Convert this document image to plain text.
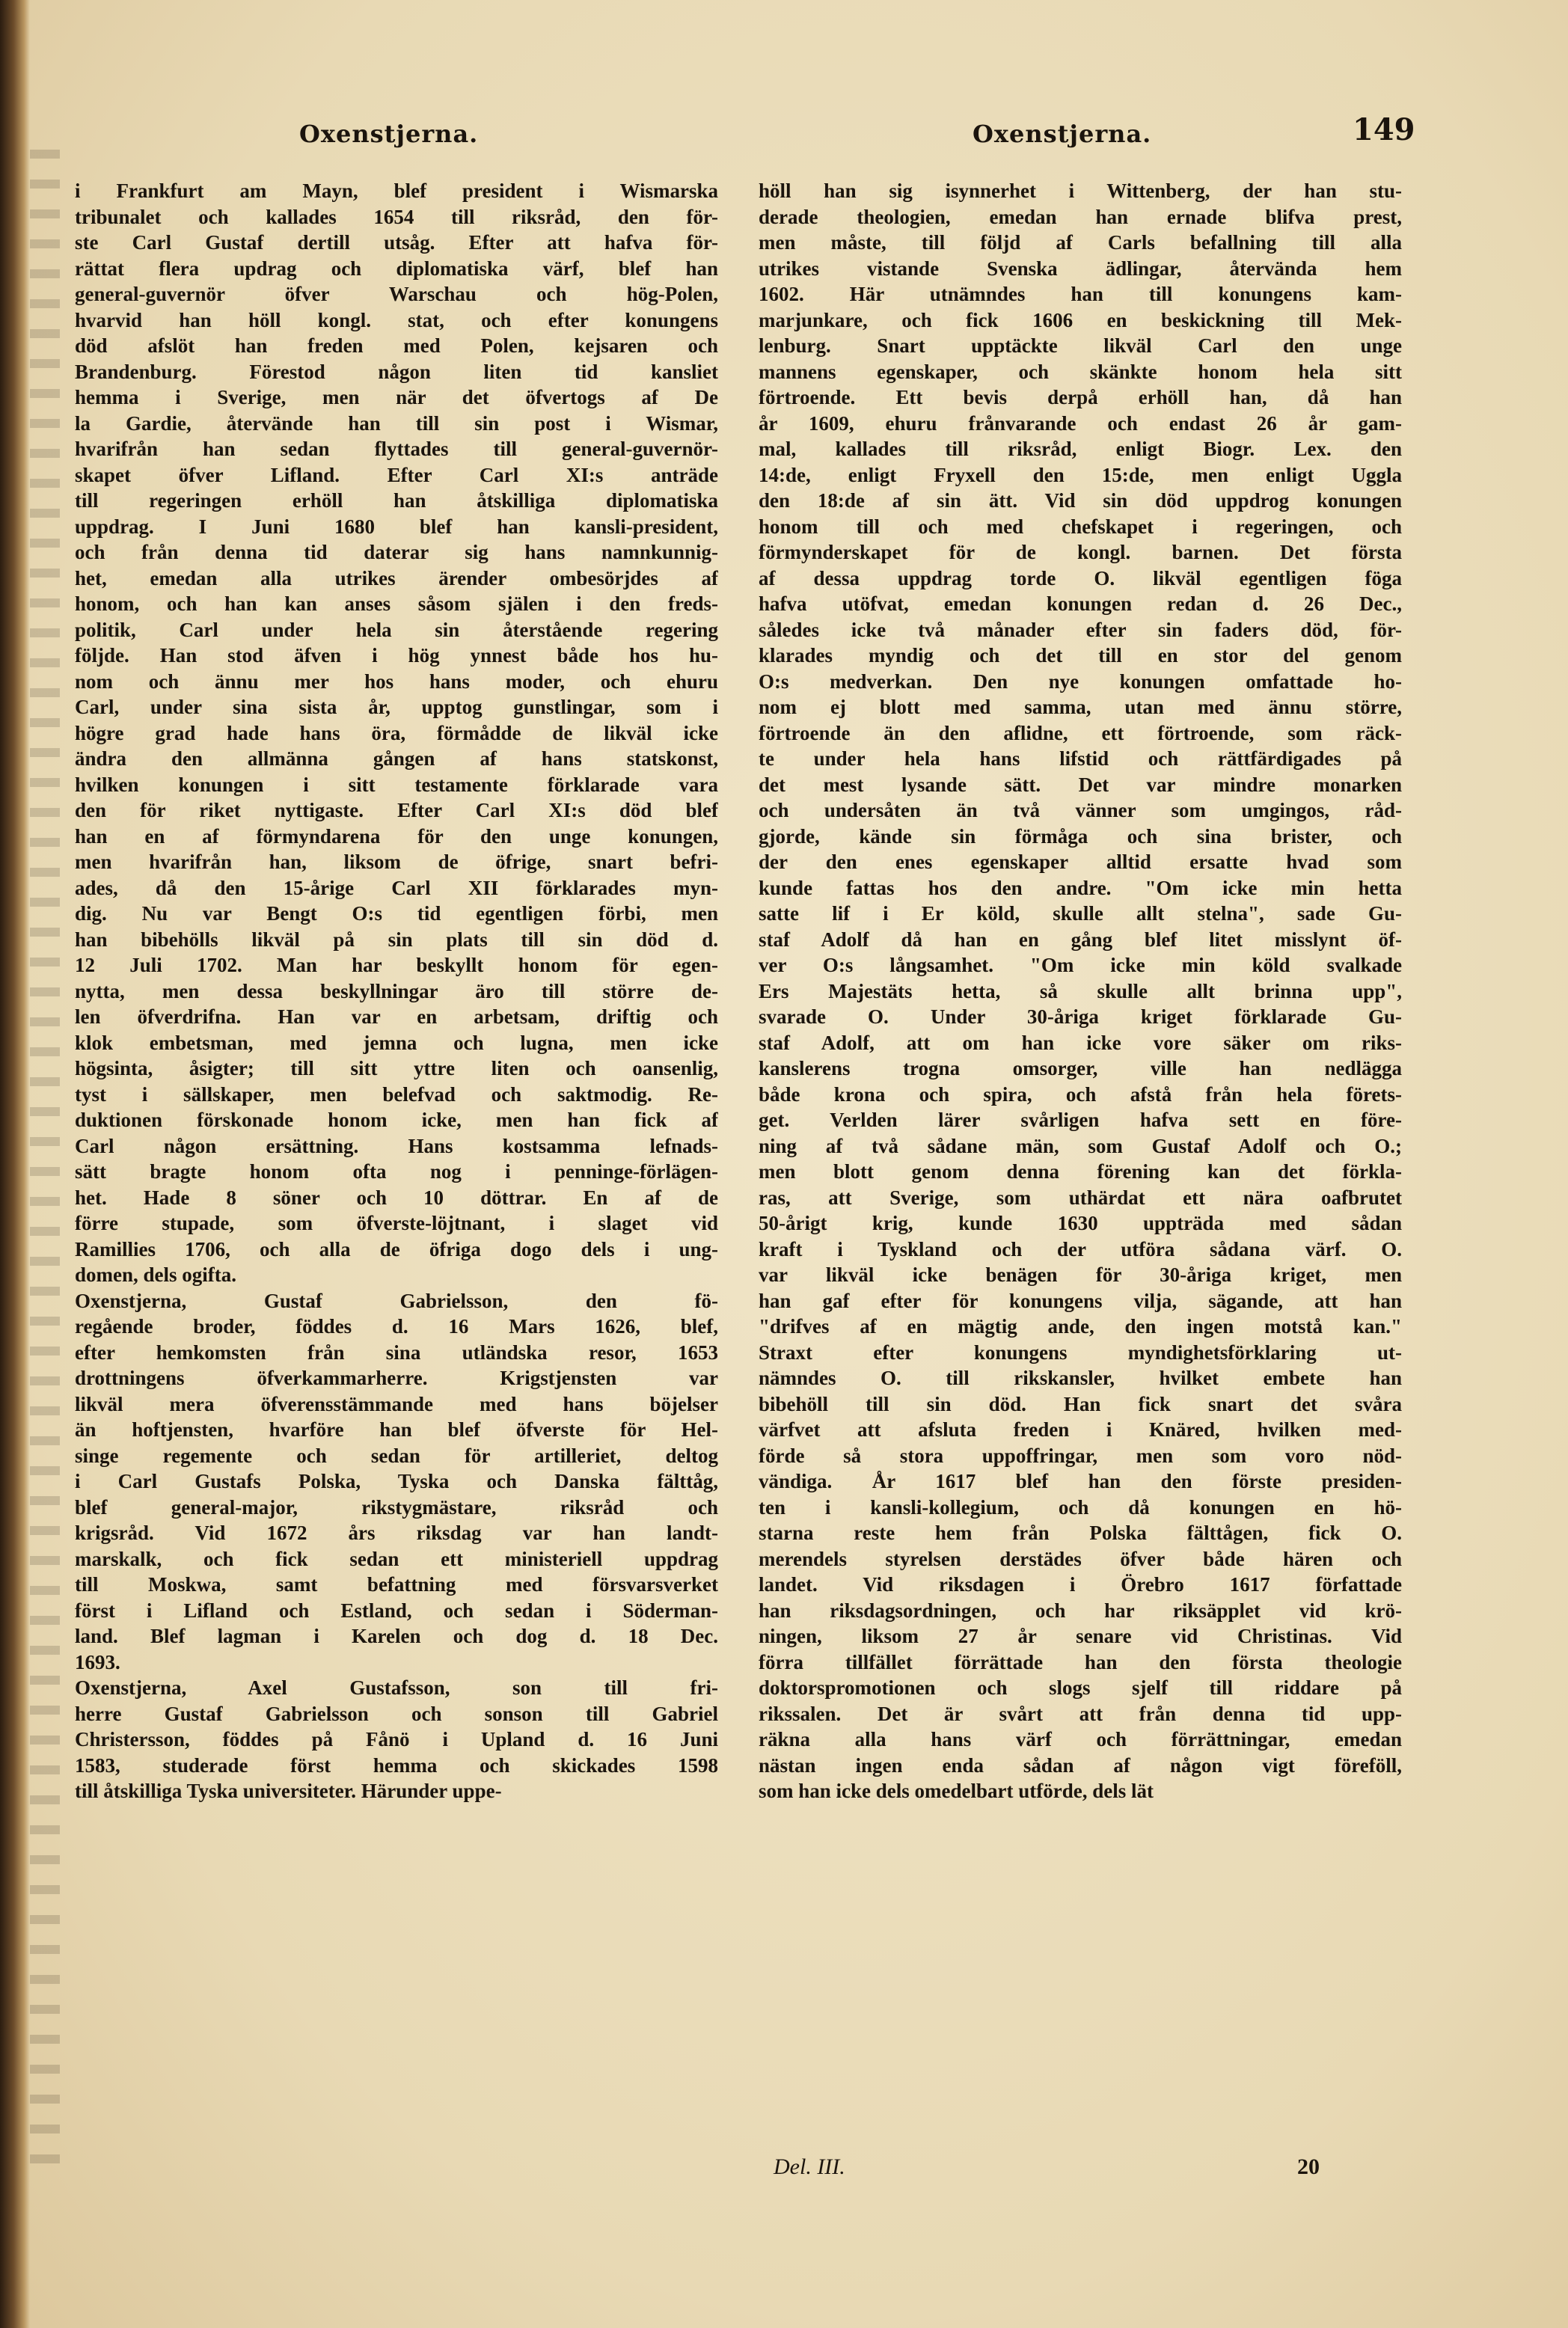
Oxenstjerna.	Oxenstjerna.	149
i Frankfurt am Mayn, blef president i Wismarska
tribunalet och kallades 1654 till riksråd, den för-
ste Carl Gustaf dertill utsåg. Efter att hafva för-
rättat flera updrag och diplomatiska värf, blef han
general-guvernör öfver Warschau och hög-Polen,
hvarvid han höll kongl. stat, och efter konungens
död afslöt han freden med Polen, kejsaren och
Brandenburg. Förestod någon liten tid kansliet
hemma i Sverige, men när det öfvertogs af De
la Gardie, återvände han till sin post i Wismar,
hvarifrån han sedan flyttades till general-guvernör-
skapet öfver Lifland. Efter Carl XI:s anträde
till regeringen erhöll han åtskilliga diplomatiska
uppdrag. I Juni 1680 blef han kansli-president,
och från denna tid daterar sig hans namnkunnig-
het, emedan alla utrikes ärender ombesörjdes af
honom, och han kan anses såsom själen i den freds-
politik, Carl under hela sin återstående regering
följde. Han stod äfven i hög ynnest både hos hu-
nom och ännu mer hos hans moder, och ehuru
Carl, under sina sista år, upptog gunstlingar, som i
högre grad hade hans öra, förmådde de likväl icke
ändra den allmänna gången af hans statskonst,
hvilken konungen i sitt testamente förklarade vara
den för riket nyttigaste. Efter Carl XI:s död blef
han en af förmyndarena för den unge konungen,
men hvarifrån han, liksom de öfrige, snart befri-
ades, då den 15-årige Carl XII förklarades myn-
dig. Nu var Bengt O:s tid egentligen förbi, men
han bibehölls likväl på sin plats till sin död d.
12 Juli 1702. Man har beskyllt honom för egen-
nytta, men dessa beskyllningar äro till större de-
len öfverdrifna. Han var en arbetsam, driftig och
klok embetsman, med jemna och lugna, men icke
högsinta, åsigter; till sitt yttre liten och oansenlig,
tyst i sällskaper, men belefvad och saktmodig. Re-
duktionen förskonade honom icke, men han fick af
Carl någon ersättning. Hans kostsamma lefnads-
sätt bragte honom ofta nog i penninge-förlägen-
het. Hade 8 söner och 10 döttrar. En af de
förre stupade, som öfverste-löjtnant, i slaget vid
Ramillies 1706, och alla de öfriga dogo dels i ung-
domen, dels ogifta.
Oxenstjerna, Gustaf Gabrielsson, den fö-
regående broder, föddes d. 16 Mars 1626, blef,
efter hemkomsten från sina utländska resor, 1653
drottningens öfverkammarherre. Krigstjensten var
likväl mera öfverensstämmande med hans böjelser
än hoftjensten, hvarföre han blef öfverste för Hel-
singe regemente och sedan för artilleriet, deltog
i Carl Gustafs Polska, Tyska och Danska fälttåg,
blef general-major, rikstygmästare, riksråd och
krigsråd. Vid 1672 års riksdag var han landt-
marskalk, och fick sedan ett ministeriell uppdrag
till Moskwa, samt befattning med försvarsverket
först i Lifland och Estland, och sedan i Söderman-
land. Blef lagman i Karelen och dog d. 18 Dec.
1693.
Oxenstjerna, Axel Gustafsson, son till fri-
herre Gustaf Gabrielsson och sonson till Gabriel
Christersson, föddes på Fånö i Upland d. 16 Juni
1583, studerade först hemma och skickades 1598
till åtskilliga Tyska universiteter. Härunder uppe-
höll han sig isynnerhet i Wittenberg, der han stu-
derade theologien, emedan han ernade blifva prest,
men måste, till följd af Carls befallning till alla
utrikes vistande Svenska ädlingar, återvända hem
1602. Här utnämndes han till konungens kam-
marjunkare, och fick 1606 en beskickning till Mek-
lenburg. Snart upptäckte likväl Carl den unge
mannens egenskaper, och skänkte honom hela sitt
förtroende. Ett bevis derpå erhöll han, då han
år 1609, ehuru frånvarande och endast 26 år gam-
mal, kallades till riksråd, enligt Biogr. Lex. den
14:de, enligt Fryxell den 15:de, men enligt Uggla
den 18:de af sin ätt. Vid sin död uppdrog konungen
honom till och med chefskapet i regeringen, och
förmynderskapet för de kongl. barnen. Det första
af dessa uppdrag torde O. likväl egentligen föga
hafva utöfvat, emedan konungen redan d. 26 Dec.,
således icke två månader efter sin faders död, för-
klarades myndig och det till en stor del genom
O:s medverkan. Den nye konungen omfattade ho-
nom ej blott med samma, utan med ännu större,
förtroende än den aflidne, ett förtroende, som räck-
te under hela hans lifstid och rättfärdigades på
det mest lysande sätt. Det var mindre monarken
och undersåten än två vänner som umgingos, råd-
gjorde, kände sin förmåga och sina brister, och
der den enes egenskaper alltid ersatte hvad som
kunde fattas hos den andre. "Om icke min hetta
satte lif i Er köld, skulle allt stelna", sade Gu-
staf Adolf då han en gång blef litet misslynt öf-
ver O:s långsamhet. "Om icke min köld svalkade
Ers Majestäts hetta, så skulle allt brinna upp",
svarade O. Under 30-åriga kriget förklarade Gu-
staf Adolf, att om han icke vore säker om riks-
kanslerens trogna omsorger, ville han nedlägga
både krona och spira, och afstå från hela förets-
get. Verlden lärer svårligen hafva sett en före-
ning af två sådane män, som Gustaf Adolf och O.;
men blott genom denna förening kan det förkla-
ras, att Sverige, som uthärdat ett nära oafbrutet
50-årigt krig, kunde 1630 uppträda med sådan
kraft i Tyskland och der utföra sådana värf. O.
var likväl icke benägen för 30-åriga kriget, men
han gaf efter för konungens vilja, sägande, att han
"drifves af en mägtig ande, den ingen motstå kan."
Straxt efter konungens myndighetsförklaring ut-
nämndes O. till rikskansler, hvilket embete han
bibehöll till sin död. Han fick snart det svåra
värfvet att afsluta freden i Knäred, hvilken med-
förde så stora uppoffringar, men som voro nöd-
vändiga. År 1617 blef han den förste presiden-
ten i kansli-kollegium, och då konungen en hö-
starna reste hem från Polska fälttågen, fick O.
merendels styrelsen derstädes öfver både hären och
landet. Vid riksdagen i Örebro 1617 författade
han riksdagsordningen, och har riksäpplet vid krö-
ningen, liksom 27 år senare vid Christinas. Vid
förra tillfället förrättade han den första theologie
doktorspromotionen och slogs sjelf till riddare på
rikssalen. Det är svårt att från denna tid upp-
räkna alla hans värf och förrättningar, emedan
nästan ingen enda sådan af någon vigt föreföll,
som han icke dels omedelbart utförde, dels lät
Del. III.	20
